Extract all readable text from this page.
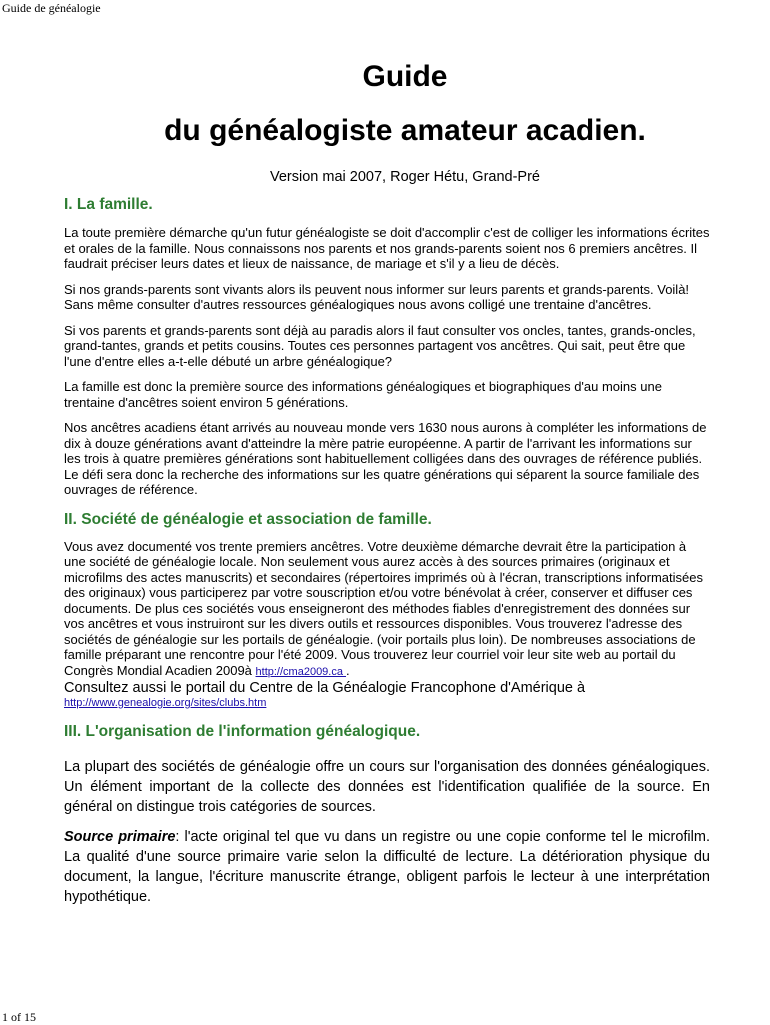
Guide de généalogie
Guide
du généalogiste amateur acadien.
Version mai 2007, Roger Hétu, Grand-Pré
I. La famille.

La toute première démarche qu'un futur généalogiste se doit d'accomplir c'est de colliger les informations écrites et orales de la famille. Nous connaissons nos parents et nos grands-parents soient nos 6 premiers ancêtres. Il faudrait préciser leurs dates et lieux de naissance, de mariage et s'il y a lieu de décès.

Si nos grands-parents sont vivants alors ils peuvent nous informer sur leurs parents et grands-parents. Voilà! Sans même consulter d'autres ressources généalogiques nous avons colligé une trentaine d'ancêtres.

Si vos parents et grands-parents sont déjà au paradis alors il faut consulter vos oncles, tantes, grands-oncles, grand-tantes, grands et petits cousins. Toutes ces personnes partagent vos ancêtres. Qui sait, peut être que l'une d'entre elles a-t-elle débuté un arbre généalogique?

La famille est donc la première source des informations généalogiques et biographiques d'au moins une trentaine d'ancêtres soient environ 5 générations.

Nos ancêtres acadiens étant arrivés au nouveau monde vers 1630 nous aurons à compléter les informations de dix à douze générations avant d'atteindre la mère patrie européenne. A partir de l'arrivant les informations sur les trois à quatre premières générations sont habituellement colligées dans des ouvrages de référence publiés. Le défi sera donc la recherche des informations sur les quatre générations qui séparent la source familiale des ouvrages de référence.

II. Société de généalogie et association de famille.

Vous avez documenté vos trente premiers ancêtres. Votre deuxième démarche devrait être la participation à une société de généalogie locale. Non seulement vous aurez accès à des sources primaires (originaux et microfilms des actes manuscrits) et secondaires (répertoires imprimés où à l'écran, transcriptions informatisées des originaux) vous participerez par votre souscription et/ou votre bénévolat à créer, conserver et diffuser ces documents. De plus ces sociétés vous enseigneront des méthodes fiables d'enregistrement des données sur vos ancêtres et vous instruiront sur les divers outils et ressources disponibles. Vous trouverez l'adresse des sociétés de généalogie sur les portails de généalogie. (voir portails plus loin). De nombreuses associations de famille préparant une rencontre pour l'été 2009. Vous trouverez leur courriel voir leur site web au portail du Congrès Mondial Acadien 2009à http://cma2009.ca .

Consultez aussi le portail du Centre de la Généalogie Francophone d'Amérique à
http://www.genealogie.org/sites/clubs.htm
III. L'organisation de l'information généalogique.

La plupart des sociétés de généalogie offre un cours sur l'organisation des données généalogiques. Un élément important de la collecte des données est l'identification qualifiée de la source. En général on distingue trois catégories de sources.

Source primaire: l'acte original tel que vu dans un registre ou une copie conforme tel le microfilm. La qualité d'une source primaire varie selon la difficulté de lecture. La détérioration physique du document, la langue, l'écriture manuscrite étrange, obligent parfois le lecteur à une interprétation hypothétique.

1 of 15
